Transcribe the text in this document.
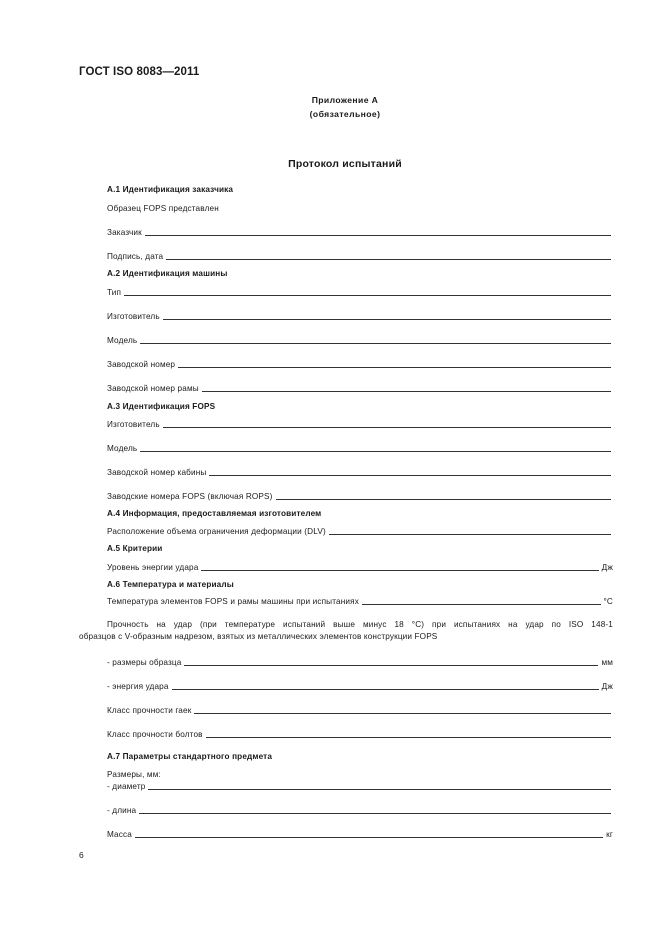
ГОСТ ISO 8083—2011
Приложение А
(обязательное)
Протокол испытаний
А.1 Идентификация заказчика
Образец FOPS представлен
Заказчик
Подпись, дата
А.2 Идентификация машины
Тип
Изготовитель
Модель
Заводской номер
Заводской номер рамы
А.3 Идентификация FOPS
Изготовитель
Модель
Заводской номер кабины
Заводские номера FOPS (включая ROPS)
А.4 Информация, предоставляемая изготовителем
Расположение объема ограничения деформации (DLV)
А.5 Критерии
Уровень энергии удара	Дж
А.6 Температура и материалы
Температура элементов FOPS и рамы машины при испытаниях	°С
Прочность на удар (при температуре испытаний выше минус 18 °С) при испытаниях на удар по ISO 148-1
образцов с V-образным надрезом, взятых из металлических элементов конструкции FOPS
- размеры образца	мм
- энергия удара	Дж
Класс прочности гаек
Класс прочности болтов
А.7 Параметры стандартного предмета
Размеры, мм:
- диаметр
- длина
Масса	кг
6
